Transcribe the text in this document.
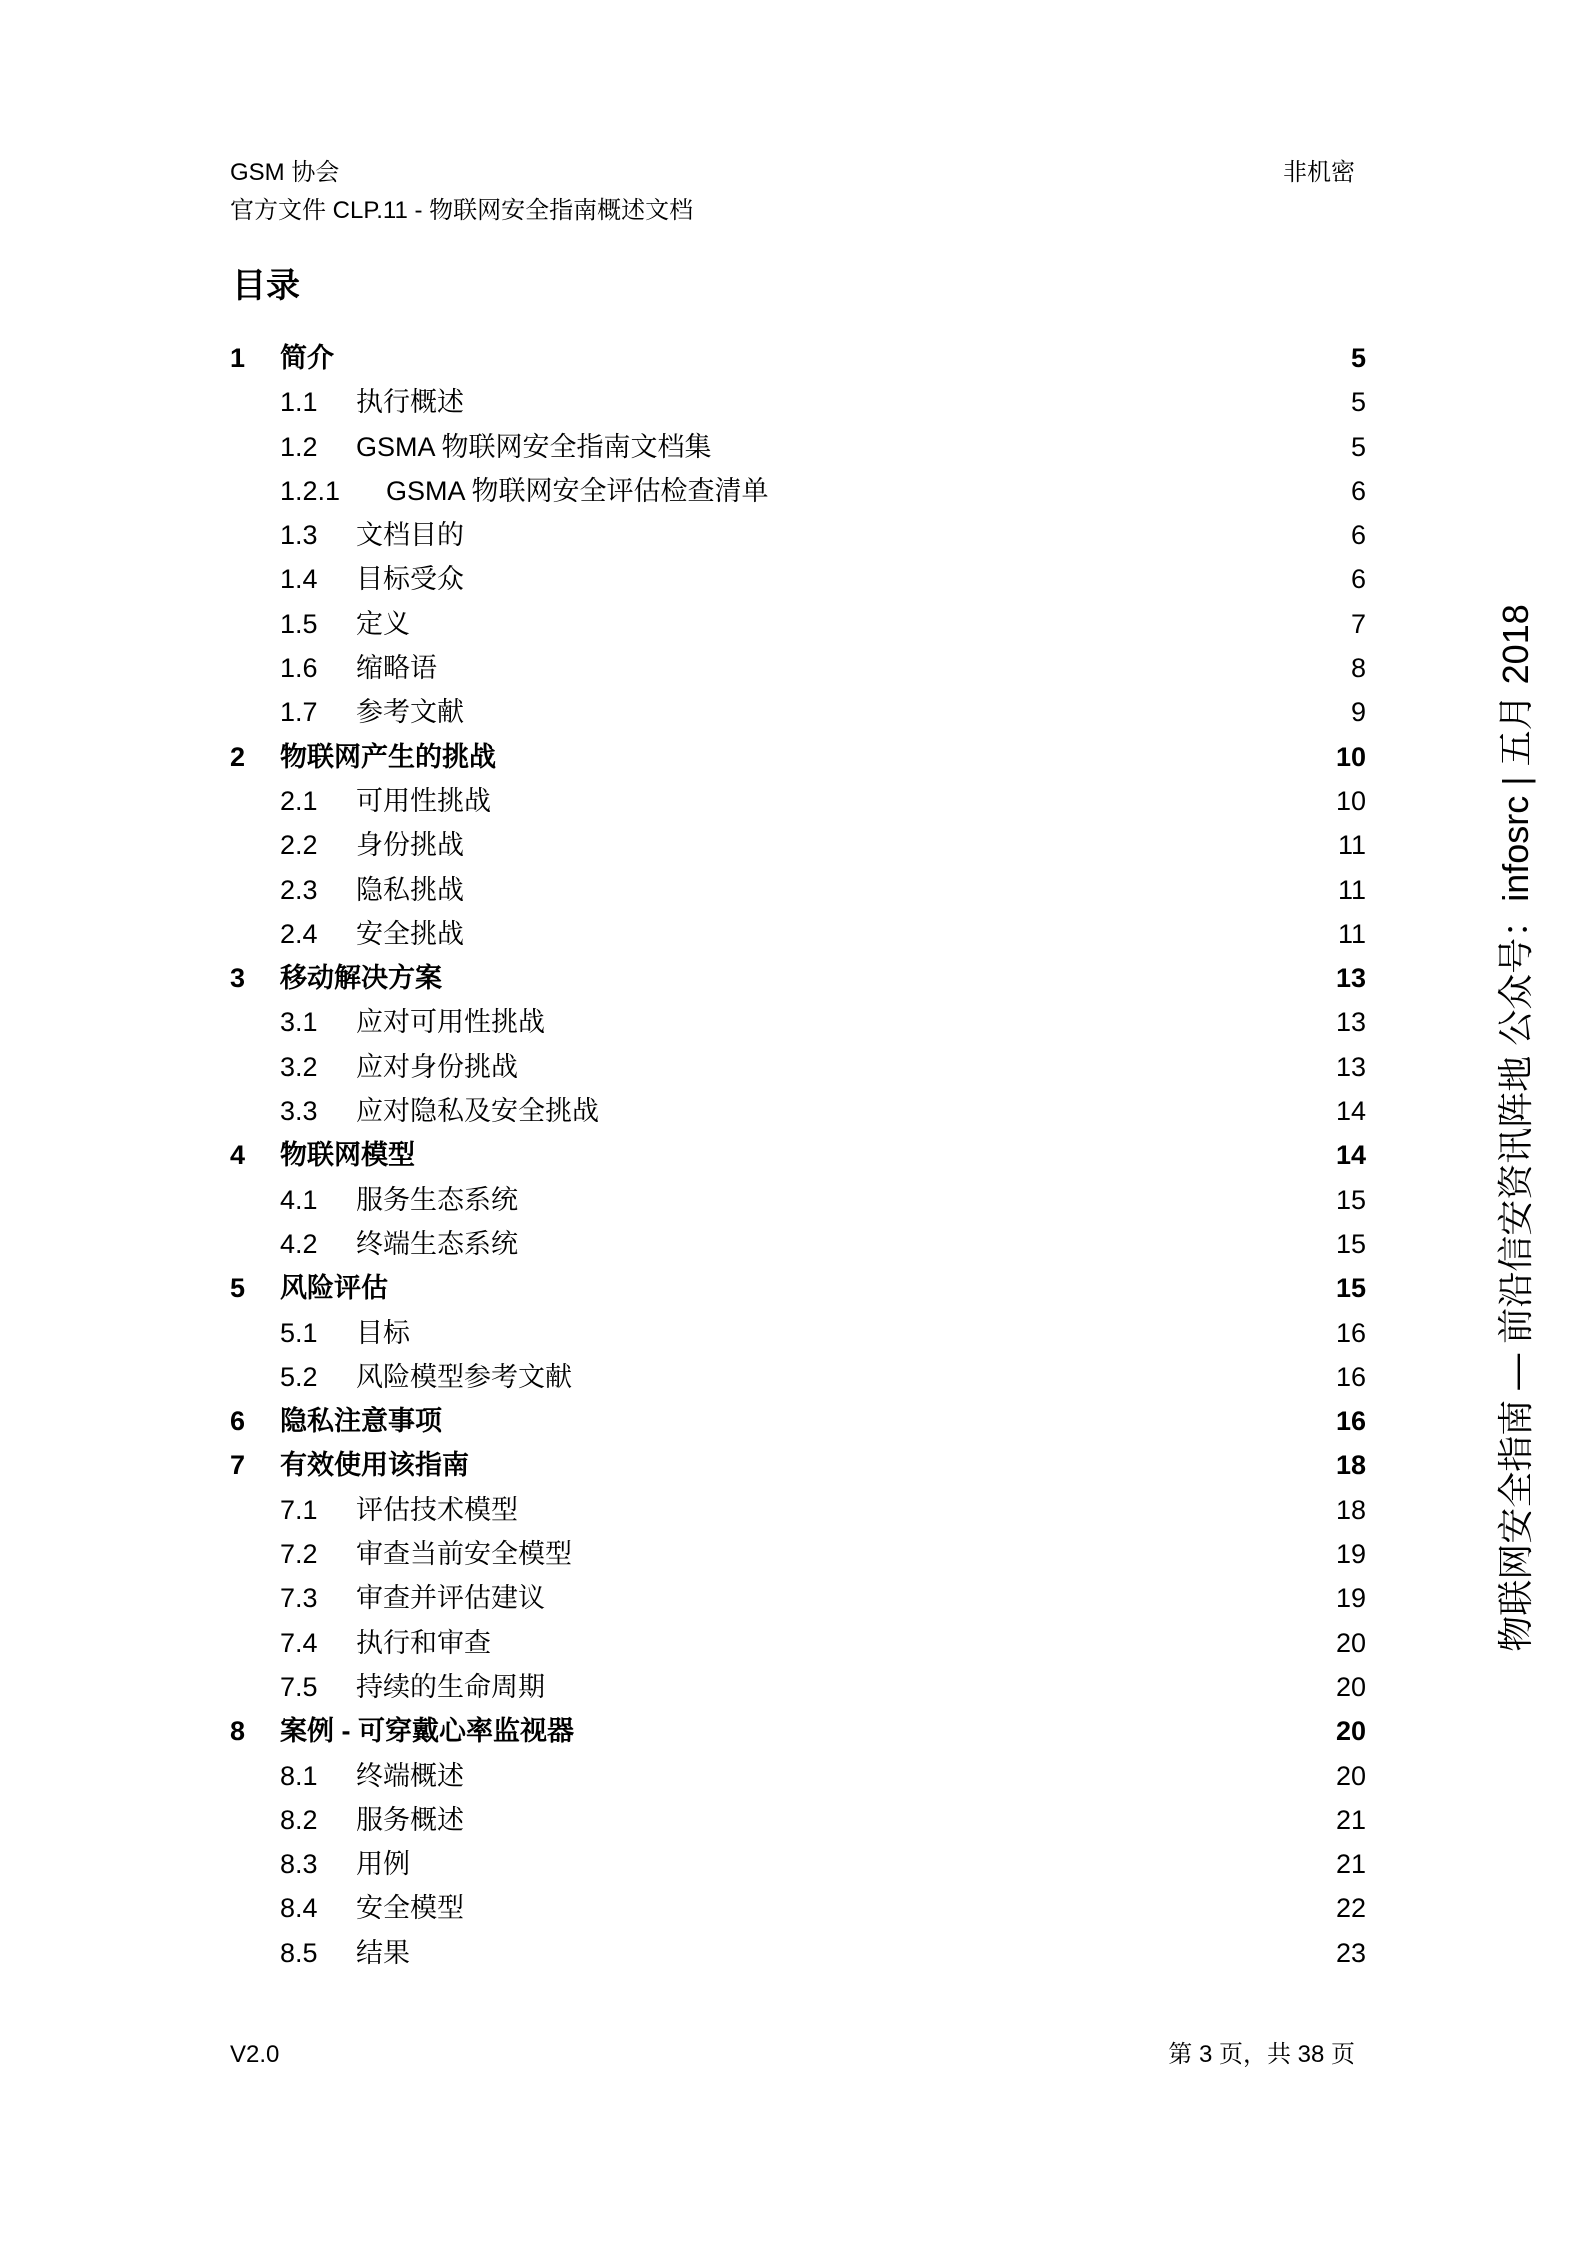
GSM 协会
官方文件 CLP.11 - 物联网安全指南概述文档
非机密
目录
1 简介	5
1.1 执行概述	5
1.2 GSMA 物联网安全指南文档集	5
1.2.1 GSMA 物联网安全评估检查清单	6
1.3 文档目的	6
1.4 目标受众	6
1.5 定义	7
1.6 缩略语	8
1.7 参考文献	9
2 物联网产生的挑战	10
2.1 可用性挑战	10
2.2 身份挑战	11
2.3 隐私挑战	11
2.4 安全挑战	11
3 移动解决方案	13
3.1 应对可用性挑战	13
3.2 应对身份挑战	13
3.3 应对隐私及安全挑战	14
4 物联网模型	14
4.1 服务生态系统	15
4.2 终端生态系统	15
5 风险评估	15
5.1 目标	16
5.2 风险模型参考文献	16
6 隐私注意事项	16
7 有效使用该指南	18
7.1 评估技术模型	18
7.2 审查当前安全模型	19
7.3 审查并评估建议	19
7.4 执行和审查	20
7.5 持续的生命周期	20
8 案例 - 可穿戴心率监视器	20
8.1 终端概述	20
8.2 服务概述	21
8.3 用例	21
8.4 安全模型	22
8.5 结果	23
V2.0	第 3 页，共 38 页
物联网安全指南 — 前沿信安资讯阵地 公众号：infosrc | 五月 2018
